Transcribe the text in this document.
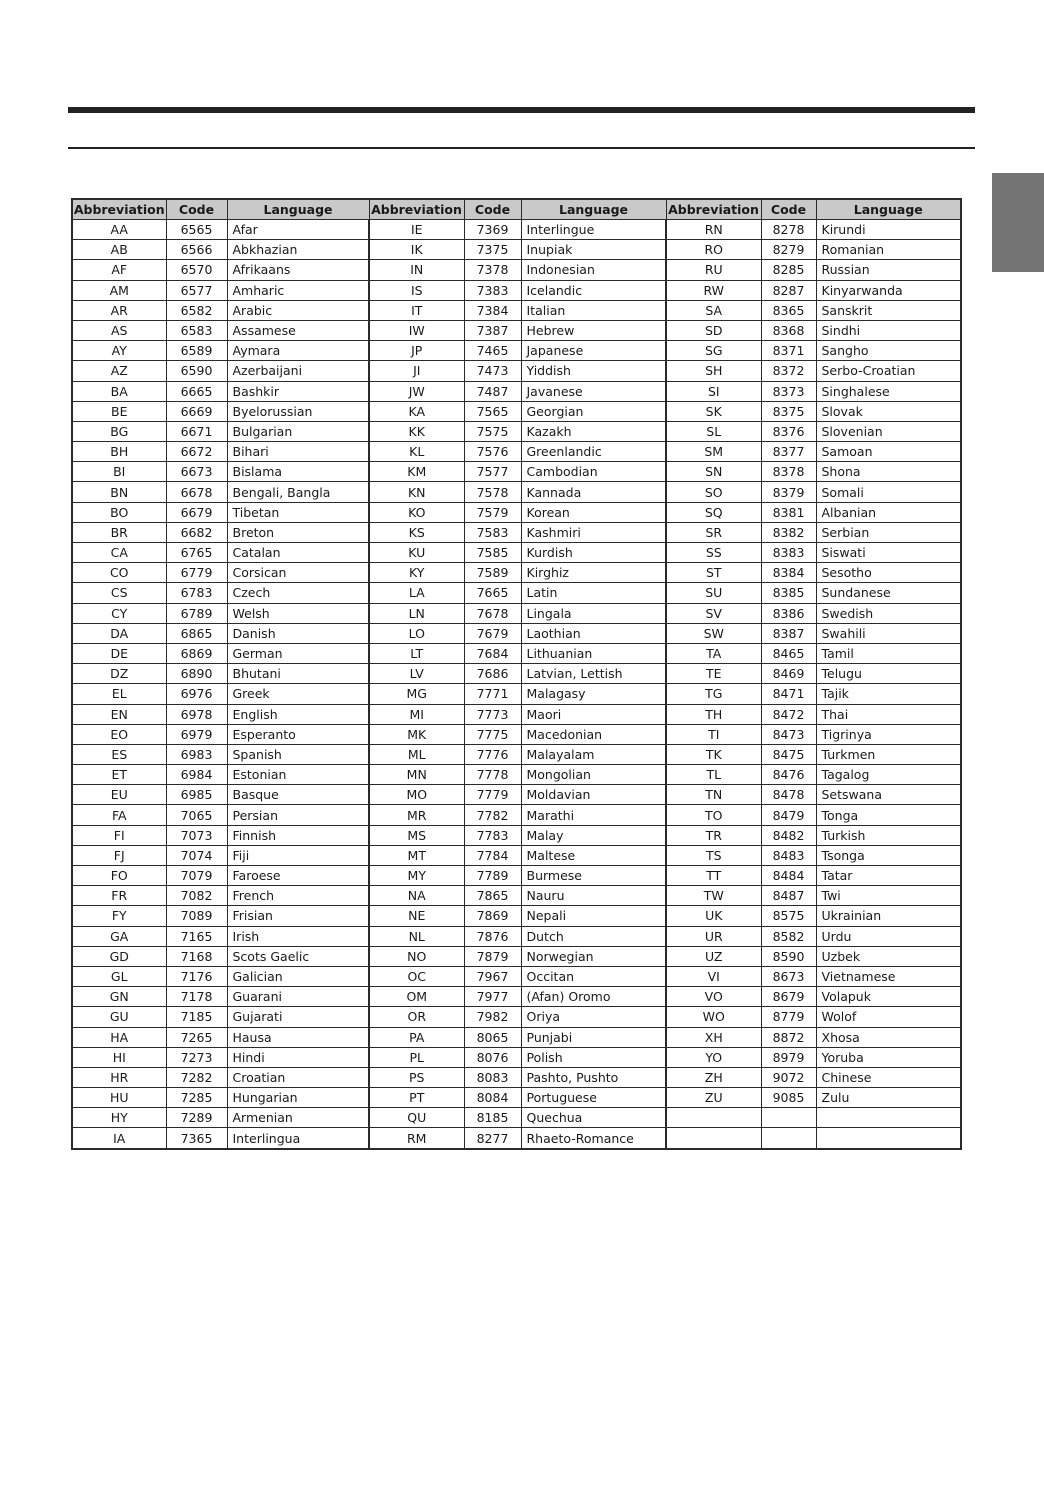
Abbreviation	Code	Language	Abbreviation	Code	Language	Abbreviation	Code	Language
AA	6565	Afar	IE	7369	Interlingue	RN	8278	Kirundi
AB	6566	Abkhazian	IK	7375	Inupiak	RO	8279	Romanian
AF	6570	Afrikaans	IN	7378	Indonesian	RU	8285	Russian
AM	6577	Amharic	IS	7383	Icelandic	RW	8287	Kinyarwanda
AR	6582	Arabic	IT	7384	Italian	SA	8365	Sanskrit
AS	6583	Assamese	IW	7387	Hebrew	SD	8368	Sindhi
AY	6589	Aymara	JP	7465	Japanese	SG	8371	Sangho
AZ	6590	Azerbaijani	JI	7473	Yiddish	SH	8372	Serbo-Croatian
BA	6665	Bashkir	JW	7487	Javanese	SI	8373	Singhalese
BE	6669	Byelorussian	KA	7565	Georgian	SK	8375	Slovak
BG	6671	Bulgarian	KK	7575	Kazakh	SL	8376	Slovenian
BH	6672	Bihari	KL	7576	Greenlandic	SM	8377	Samoan
BI	6673	Bislama	KM	7577	Cambodian	SN	8378	Shona
BN	6678	Bengali, Bangla	KN	7578	Kannada	SO	8379	Somali
BO	6679	Tibetan	KO	7579	Korean	SQ	8381	Albanian
BR	6682	Breton	KS	7583	Kashmiri	SR	8382	Serbian
CA	6765	Catalan	KU	7585	Kurdish	SS	8383	Siswati
CO	6779	Corsican	KY	7589	Kirghiz	ST	8384	Sesotho
CS	6783	Czech	LA	7665	Latin	SU	8385	Sundanese
CY	6789	Welsh	LN	7678	Lingala	SV	8386	Swedish
DA	6865	Danish	LO	7679	Laothian	SW	8387	Swahili
DE	6869	German	LT	7684	Lithuanian	TA	8465	Tamil
DZ	6890	Bhutani	LV	7686	Latvian, Lettish	TE	8469	Telugu
EL	6976	Greek	MG	7771	Malagasy	TG	8471	Tajik
EN	6978	English	MI	7773	Maori	TH	8472	Thai
EO	6979	Esperanto	MK	7775	Macedonian	TI	8473	Tigrinya
ES	6983	Spanish	ML	7776	Malayalam	TK	8475	Turkmen
ET	6984	Estonian	MN	7778	Mongolian	TL	8476	Tagalog
EU	6985	Basque	MO	7779	Moldavian	TN	8478	Setswana
FA	7065	Persian	MR	7782	Marathi	TO	8479	Tonga
FI	7073	Finnish	MS	7783	Malay	TR	8482	Turkish
FJ	7074	Fiji	MT	7784	Maltese	TS	8483	Tsonga
FO	7079	Faroese	MY	7789	Burmese	TT	8484	Tatar
FR	7082	French	NA	7865	Nauru	TW	8487	Twi
FY	7089	Frisian	NE	7869	Nepali	UK	8575	Ukrainian
GA	7165	Irish	NL	7876	Dutch	UR	8582	Urdu
GD	7168	Scots Gaelic	NO	7879	Norwegian	UZ	8590	Uzbek
GL	7176	Galician	OC	7967	Occitan	VI	8673	Vietnamese
GN	7178	Guarani	OM	7977	(Afan) Oromo	VO	8679	Volapuk
GU	7185	Gujarati	OR	7982	Oriya	WO	8779	Wolof
HA	7265	Hausa	PA	8065	Punjabi	XH	8872	Xhosa
HI	7273	Hindi	PL	8076	Polish	YO	8979	Yoruba
HR	7282	Croatian	PS	8083	Pashto, Pushto	ZH	9072	Chinese
HU	7285	Hungarian	PT	8084	Portuguese	ZU	9085	Zulu
HY	7289	Armenian	QU	8185	Quechua			
IA	7365	Interlingua	RM	8277	Rhaeto-Romance			
